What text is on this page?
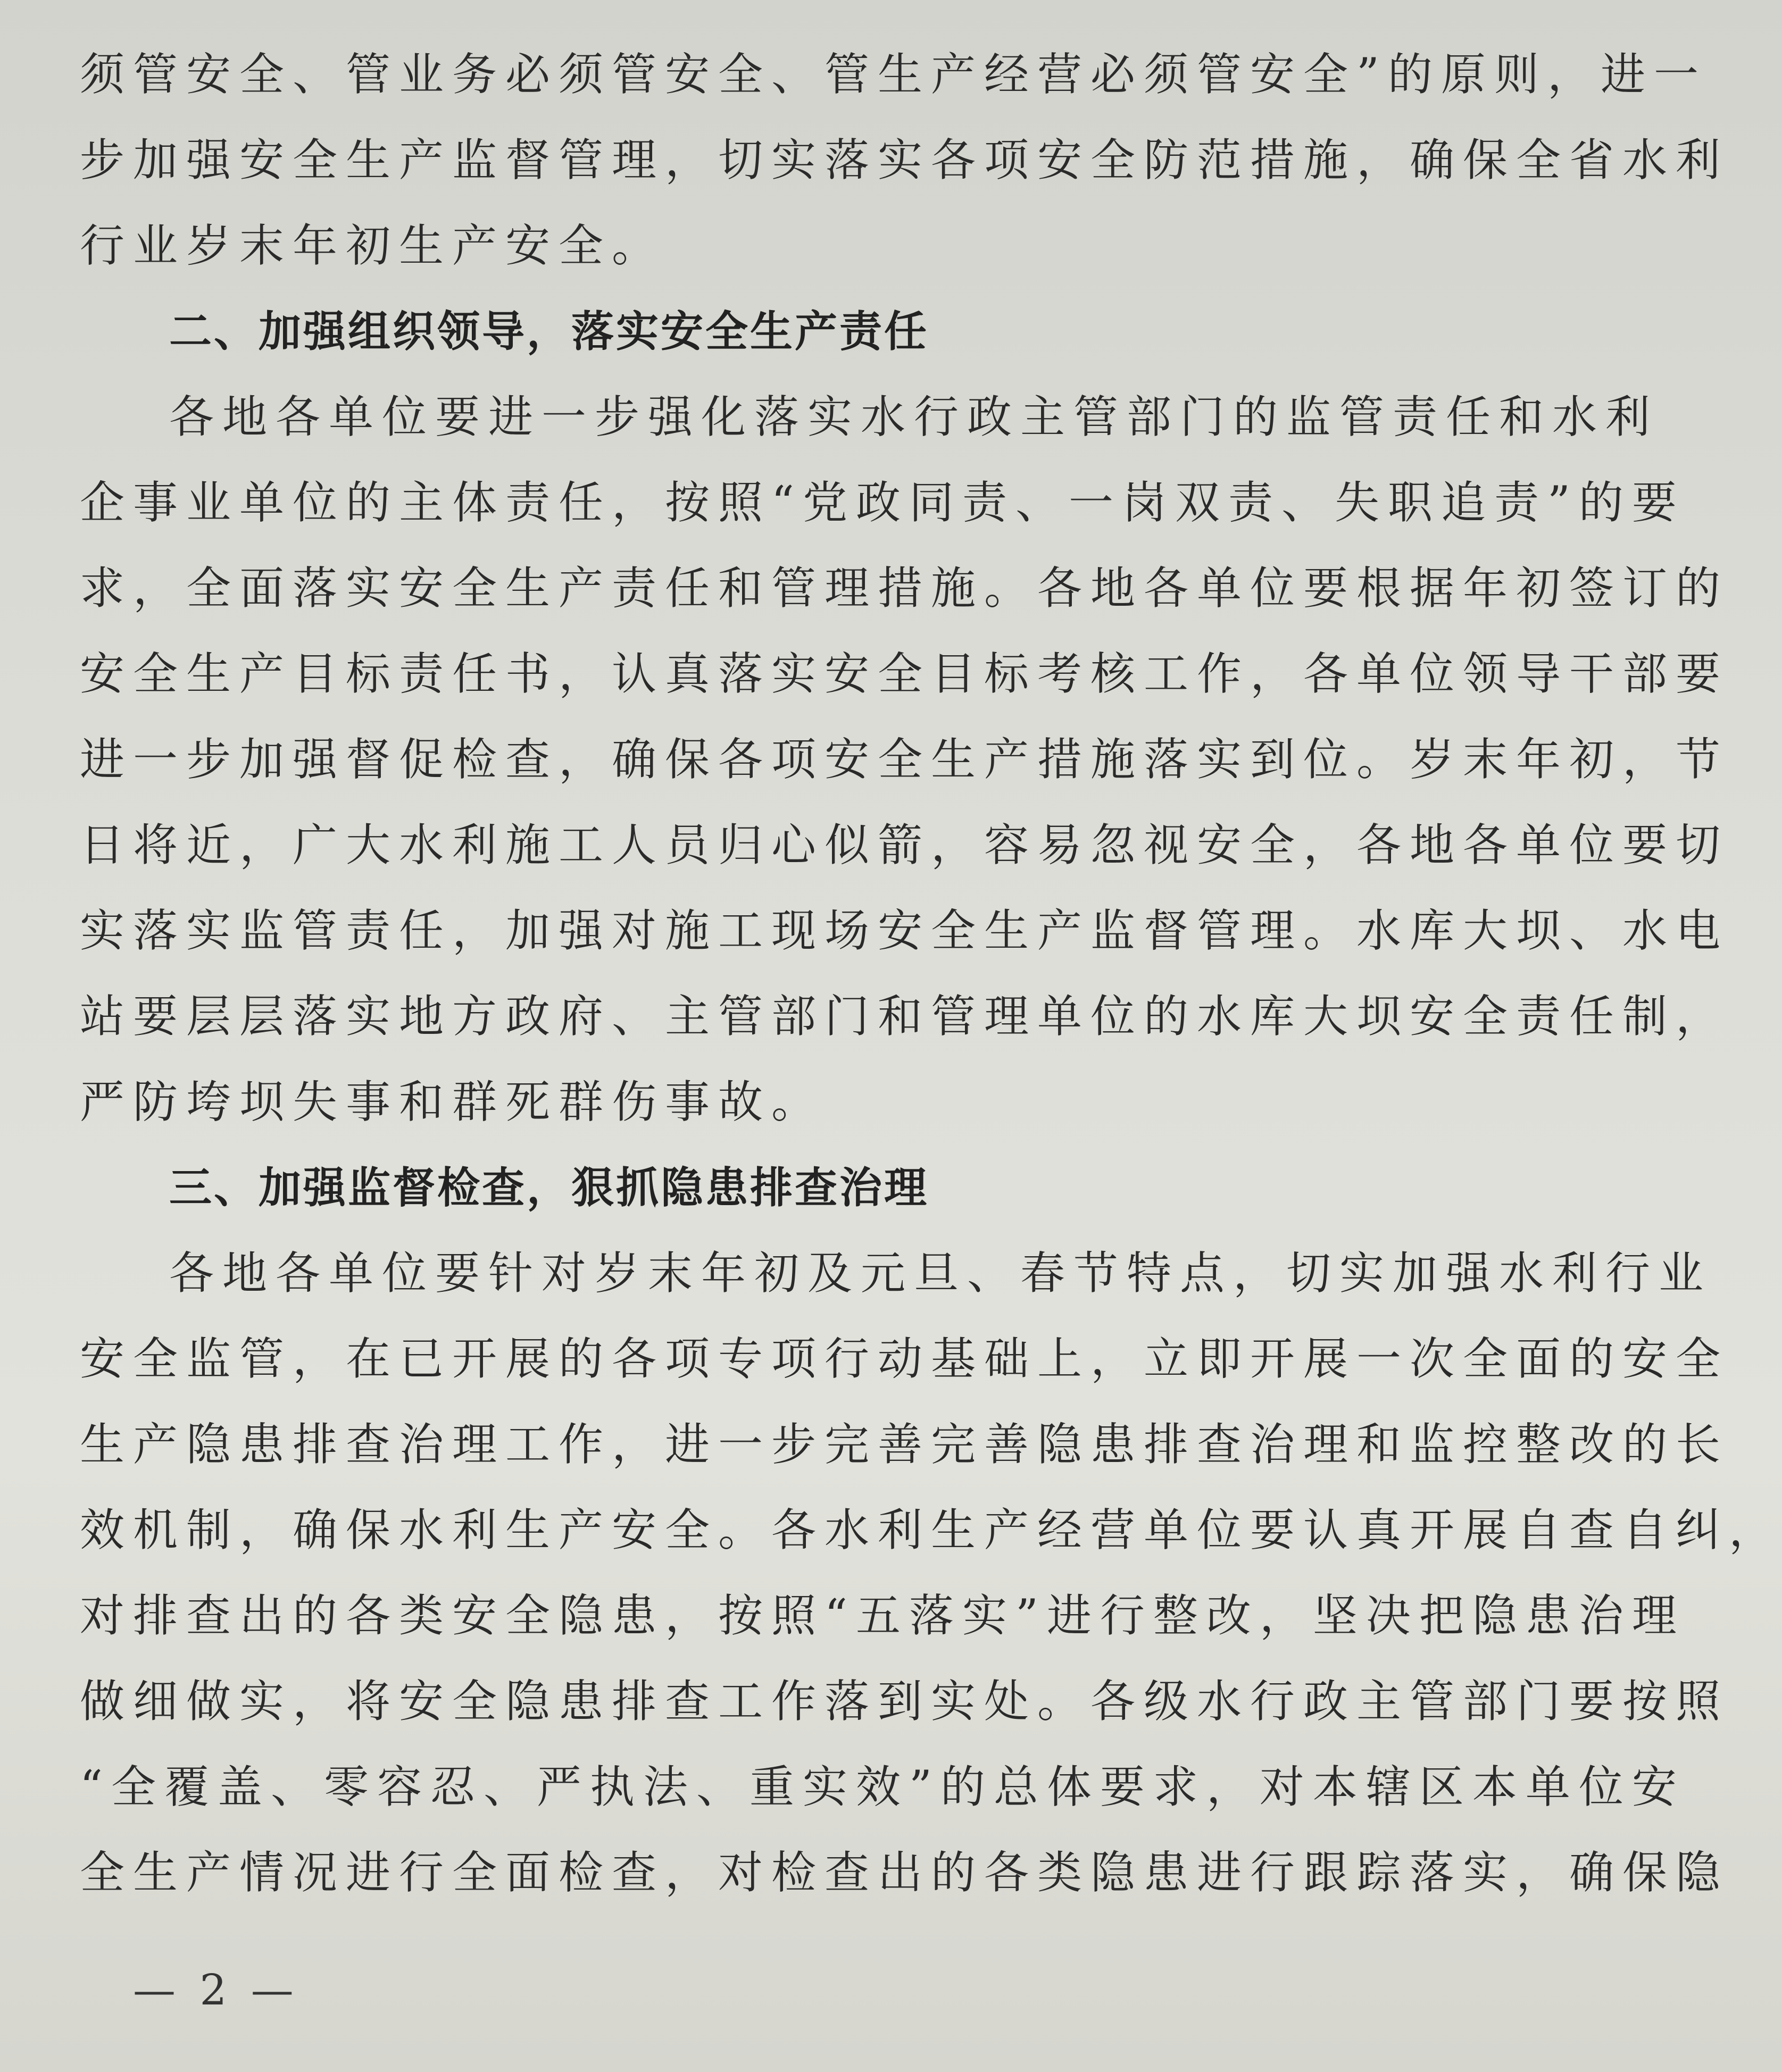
须管安全、管业务必须管安全、管生产经营必须管安全”的原则，进一
步加强安全生产监督管理，切实落实各项安全防范措施，确保全省水利
行业岁末年初生产安全。
二、加强组织领导，落实安全生产责任
各地各单位要进一步强化落实水行政主管部门的监管责任和水利
企事业单位的主体责任，按照“党政同责、一岗双责、失职追责”的要
求，全面落实安全生产责任和管理措施。各地各单位要根据年初签订的
安全生产目标责任书，认真落实安全目标考核工作，各单位领导干部要
进一步加强督促检查，确保各项安全生产措施落实到位。岁末年初，节
日将近，广大水利施工人员归心似箭，容易忽视安全，各地各单位要切
实落实监管责任，加强对施工现场安全生产监督管理。水库大坝、水电
站要层层落实地方政府、主管部门和管理单位的水库大坝安全责任制，
严防垮坝失事和群死群伤事故。
三、加强监督检查，狠抓隐患排查治理
各地各单位要针对岁末年初及元旦、春节特点，切实加强水利行业
安全监管，在已开展的各项专项行动基础上，立即开展一次全面的安全
生产隐患排查治理工作，进一步完善完善隐患排查治理和监控整改的长
效机制，确保水利生产安全。各水利生产经营单位要认真开展自查自纠，
对排查出的各类安全隐患，按照“五落实”进行整改，坚决把隐患治理
做细做实，将安全隐患排查工作落到实处。各级水行政主管部门要按照
“全覆盖、零容忍、严执法、重实效”的总体要求，对本辖区本单位安
全生产情况进行全面检查，对检查出的各类隐患进行跟踪落实，确保隐
— 2 —
